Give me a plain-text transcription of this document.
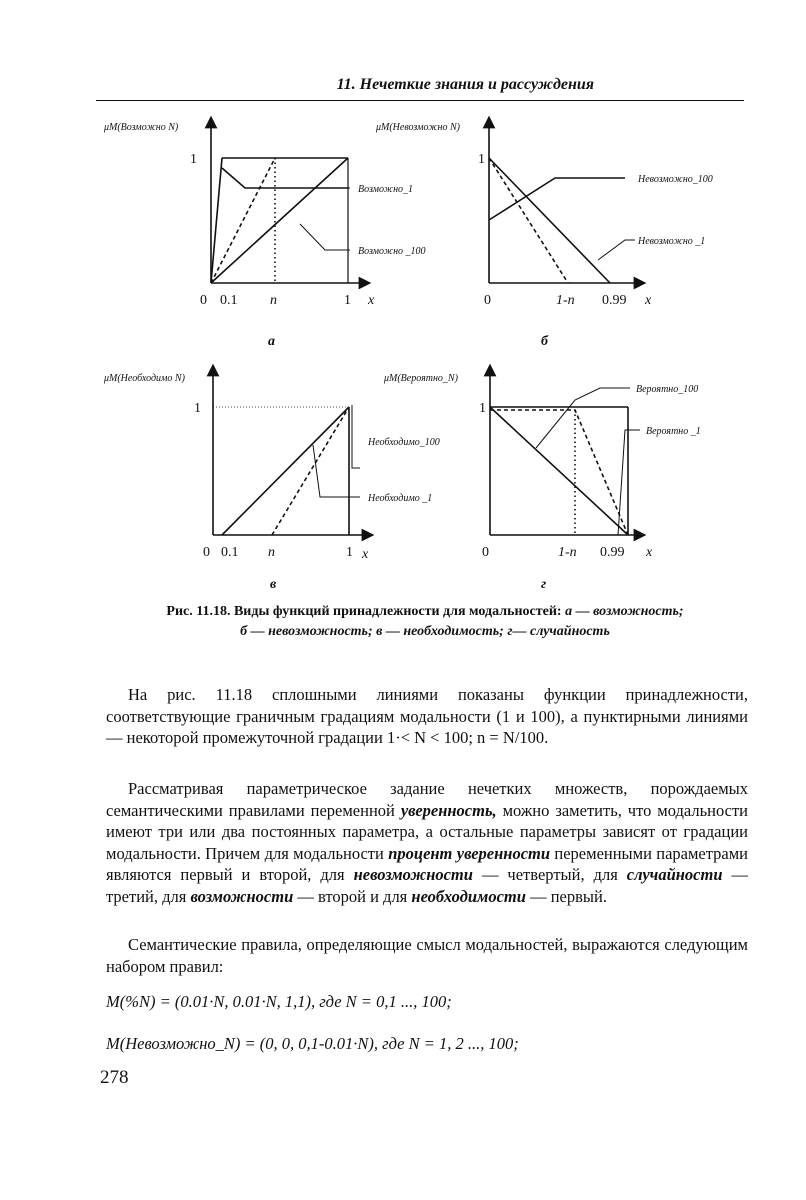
11. Нечеткие знания и рассуждения
μM(Возможно N)
1
0 0.1 n	1 x
а
Возможно_1
Возможно _100
μM(Невозможно N)
1
0	1-n 0.99 x
б
Невозможно_100
Невозможно _1
μM(Необходимо N)
1
0 0.1 n	1 x
в
Необходимо_100
Необходимо _1
μM(Вероятно_N)
1
0	1-n 0.99 x
г
Вероятно_100
Вероятно _1
Рис. 11.18. Виды функций принадлежности для модальностей: а — возможность;
б — невозможность; в — необходимость; г— случайность
На рис. 11.18 сплошными линиями показаны функции принадлежности, соответствующие граничным градациям модальности (1 и 100), а пунктирными линиями — некоторой промежуточной градации 1·< N < 100; n = N/100.
Рассматривая параметрическое задание нечетких множеств, порождаемых семантическими правилами переменной уверенность, можно заметить, что модальности имеют три или два постоянных параметра, а остальные параметры зависят от градации модальности. Причем для модальности процент уверенности переменными параметрами являются первый и второй, для невозможности — четвертый, для случайности — третий, для возможности — второй и для необходимости — первый.
Семантические правила, определяющие смысл модальностей, выражаются следующим набором правил:
M(%N) = (0.01·N, 0.01·N, 1,1), где N = 0,1 ..., 100;
M(Невозможно_N) = (0, 0, 0,1-0.01·N), где N = 1, 2 ..., 100;
278
